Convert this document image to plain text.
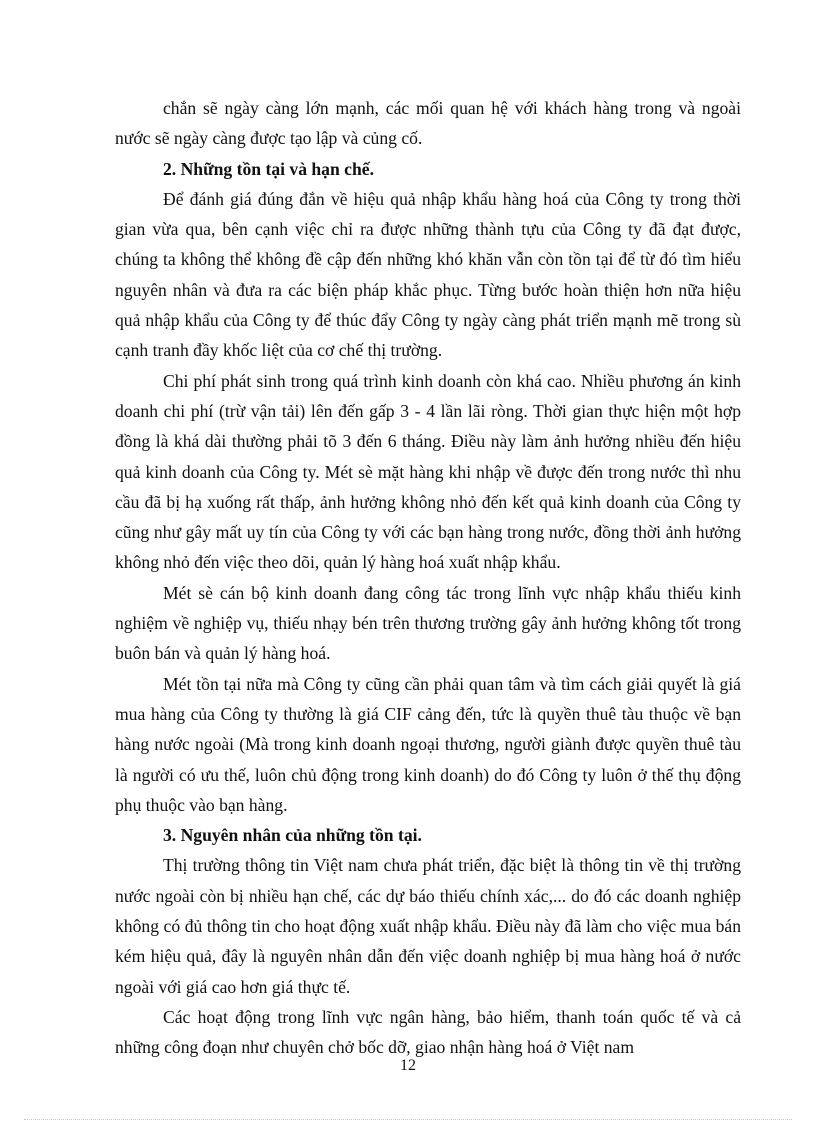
chắn sẽ ngày càng lớn mạnh, các mối quan hệ với khách hàng trong và ngoài nước sẽ ngày càng được tạo lập và củng cố.

2. Những tồn tại và hạn chế.

Để đánh giá đúng đắn về hiệu quả nhập khẩu hàng hoá của Công ty trong thời gian vừa qua, bên cạnh việc chỉ ra được những thành tựu của Công ty đã đạt được, chúng ta không thể không đề cập đến những khó khăn vẫn còn tồn tại để từ đó tìm hiểu nguyên nhân và đưa ra các biện pháp khắc phục. Từng bước hoàn thiện hơn nữa hiệu quả nhập khẩu của Công ty để thúc đẩy Công ty ngày càng phát triển mạnh mẽ trong sù cạnh tranh đầy khốc liệt của cơ chế thị trường.

Chi phí phát sinh trong quá trình kinh doanh còn khá cao. Nhiều phương án kinh doanh chi phí (trừ vận tải) lên đến gấp 3 - 4 lần lãi ròng. Thời gian thực hiện một hợp đồng là khá dài thường phải tõ 3 đến 6 tháng. Điều này làm ảnh hưởng nhiều đến hiệu quả kinh doanh của Công ty. Mét sè mặt hàng khi nhập về được đến trong nước thì nhu cầu đã bị hạ xuống rất thấp, ảnh hưởng không nhỏ đến kết quả kinh doanh của Công ty cũng như gây mất uy tín của Công ty với các bạn hàng trong nước, đồng thời ảnh hưởng không nhỏ đến việc theo dõi, quản lý hàng hoá xuất nhập khẩu.

Mét sè cán bộ kinh doanh đang công tác trong lĩnh vực nhập khẩu thiếu kinh nghiệm về nghiệp vụ, thiếu nhạy bén trên thương trường gây ảnh hưởng không tốt trong buôn bán và quản lý hàng hoá.

Mét tồn tại nữa mà Công ty cũng cần phải quan tâm và tìm cách giải quyết là giá mua hàng của Công ty thường là giá CIF cảng đến, tức là quyền thuê tàu thuộc về bạn hàng nước ngoài (Mà trong kinh doanh ngoại thương, người giành được quyền thuê tàu là người có ưu thế, luôn chủ động trong kinh doanh) do đó Công ty luôn ở thế thụ động phụ thuộc vào bạn hàng.

3. Nguyên nhân của những tồn tại.

Thị trường thông tin Việt nam chưa phát triển, đặc biệt là thông tin về thị trường nước ngoài còn bị nhiều hạn chế, các dự báo thiếu chính xác,... do đó các doanh nghiệp không có đủ thông tin cho hoạt động xuất nhập khẩu. Điều này đã làm cho việc mua bán kém hiệu quả, đây là nguyên nhân dẫn đến việc doanh nghiệp bị mua hàng hoá ở nước ngoài với giá cao hơn giá thực tế.

Các hoạt động trong lĩnh vực ngân hàng, bảo hiểm, thanh toán quốc tế và cả những công đoạn như chuyên chở bốc dỡ, giao nhận hàng hoá ở Việt nam

12
